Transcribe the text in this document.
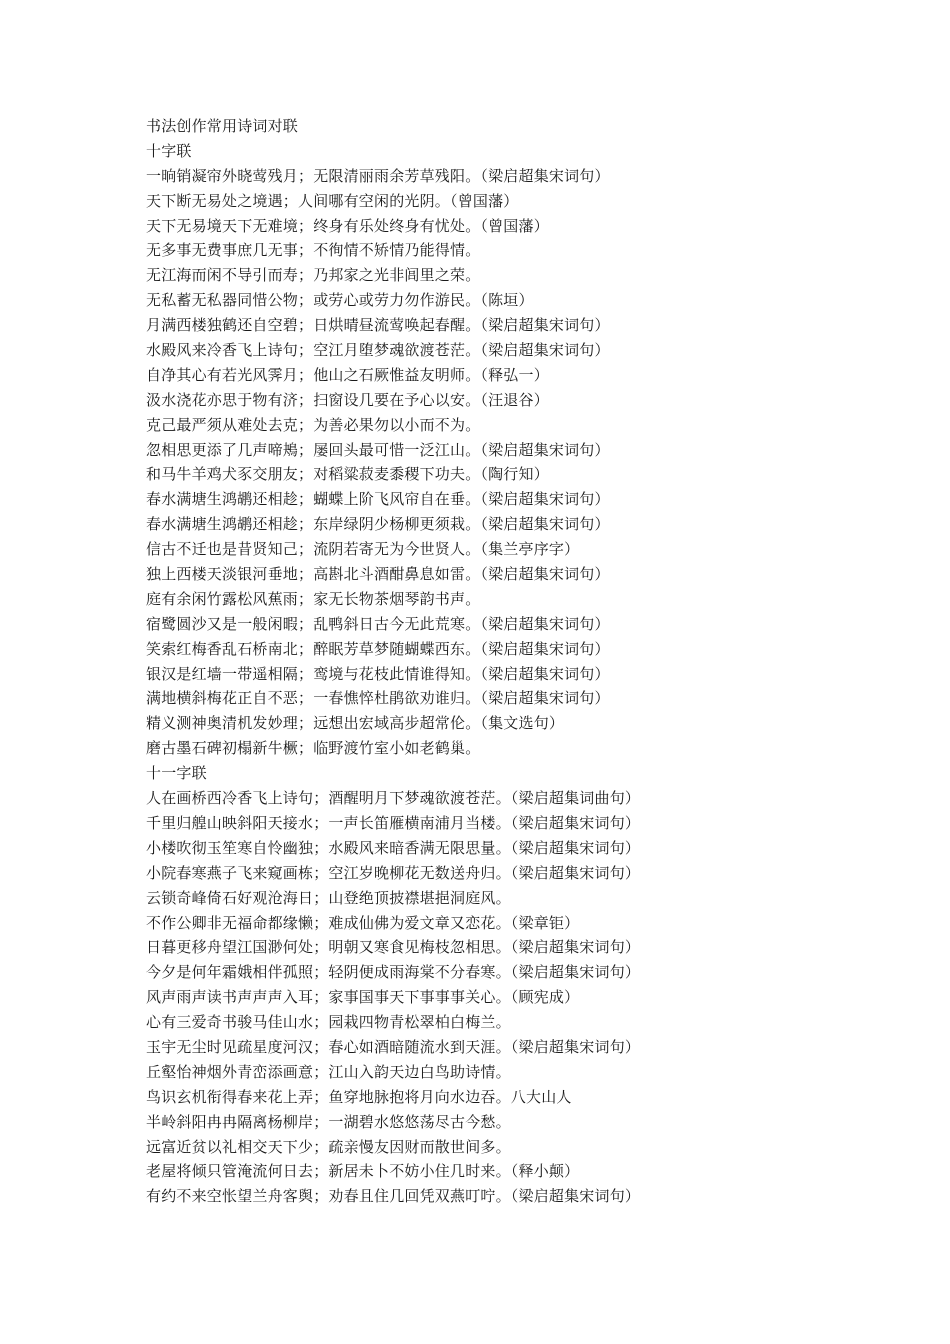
书法创作常用诗词对联
十字联
一晌销凝帘外晓莺残月；无限清丽雨余芳草残阳。（梁启超集宋词句）
天下断无易处之境遇；人间哪有空闲的光阴。（曾国藩）
天下无易境天下无难境；终身有乐处终身有忧处。（曾国藩）
无多事无费事庶几无事；不徇情不矫情乃能得情。
无江海而闲不导引而寿；乃邦家之光非闾里之荣。
无私蓄无私器同惜公物；或劳心或劳力勿作游民。（陈垣）
月满西楼独鹤还自空碧；日烘晴昼流莺唤起春醒。（梁启超集宋词句）
水殿风来冷香飞上诗句；空江月堕梦魂欲渡苍茫。（梁启超集宋词句）
自净其心有若光风霁月；他山之石厥惟益友明师。（释弘一）
汲水浇花亦思于物有济；扫窗设几要在予心以安。（汪退谷）
克己最严须从难处去克；为善必果勿以小而不为。
忽相思更添了几声啼鴂；屡回头最可惜一泛江山。（梁启超集宋词句）
和马牛羊鸡犬豕交朋友；对稻粱菽麦黍稷下功夫。（陶行知）
春水满塘生鸿鹕还相趁；蝴蝶上阶飞风帘自在垂。（梁启超集宋词句）
春水满塘生鸿鹕还相趁；东岸绿阴少杨柳更须栽。（梁启超集宋词句）
信古不迁也是昔贤知己；流阴若寄无为今世贤人。（集兰亭序字）
独上西楼天淡银河垂地；高斟北斗酒酣鼻息如雷。（梁启超集宋词句）
庭有余闲竹露松风蕉雨；家无长物茶烟琴韵书声。
宿鹭圆沙又是一般闲暇；乱鸭斜日古今无此荒寒。（梁启超集宋词句）
笑索红梅香乱石桥南北；醉眠芳草梦随蝴蝶西东。（梁启超集宋词句）
银汉是红墙一带遥相隔；鸾境与花枝此情谁得知。（梁启超集宋词句）
满地横斜梅花正自不恶；一春憔悴杜鹃欲劝谁归。（梁启超集宋词句）
精义测神奥清机发妙理；远想出宏域高步超常伦。（集文选句）
磨古墨石碑初榻新牛橛；临野渡竹室小如老鹤巢。
十一字联
人在画桥西冷香飞上诗句；酒醒明月下梦魂欲渡苍茫。（梁启超集词曲句）
千里归艎山映斜阳天接水；一声长笛雁横南浦月当楼。（梁启超集宋词句）
小楼吹彻玉笙寒自怜幽独；水殿风来暗香满无限思量。（梁启超集宋词句）
小院春寒燕子飞来窥画栋；空江岁晚柳花无数送舟归。（梁启超集宋词句）
云锁奇峰倚石好观沧海日；山登绝顶披襟堪挹洞庭风。
不作公卿非无福命都缘懒；难成仙佛为爱文章又恋花。（梁章钜）
日暮更移舟望江国渺何处；明朝又寒食见梅枝忽相思。（梁启超集宋词句）
今夕是何年霜娥相伴孤照；轻阴便成雨海棠不分春寒。（梁启超集宋词句）
风声雨声读书声声声入耳；家事国事天下事事事关心。（顾宪成）
心有三爱奇书骏马佳山水；园栽四物青松翠柏白梅兰。
玉宇无尘时见疏星度河汉；春心如酒暗随流水到天涯。（梁启超集宋词句）
丘壑怡神烟外青峦添画意；江山入韵天边白鸟助诗情。
鸟识玄机衔得春来花上弄；鱼穿地脉抱将月向水边吞。八大山人
半岭斜阳冉冉隔离杨柳岸；一湖碧水悠悠荡尽古今愁。
远富近贫以礼相交天下少；疏亲慢友因财而散世间多。
老屋将倾只管淹流何日去；新居未卜不妨小住几时来。（释小颠）
有约不来空怅望兰舟客舆；劝春且住几回凭双燕叮咛。（梁启超集宋词句）
